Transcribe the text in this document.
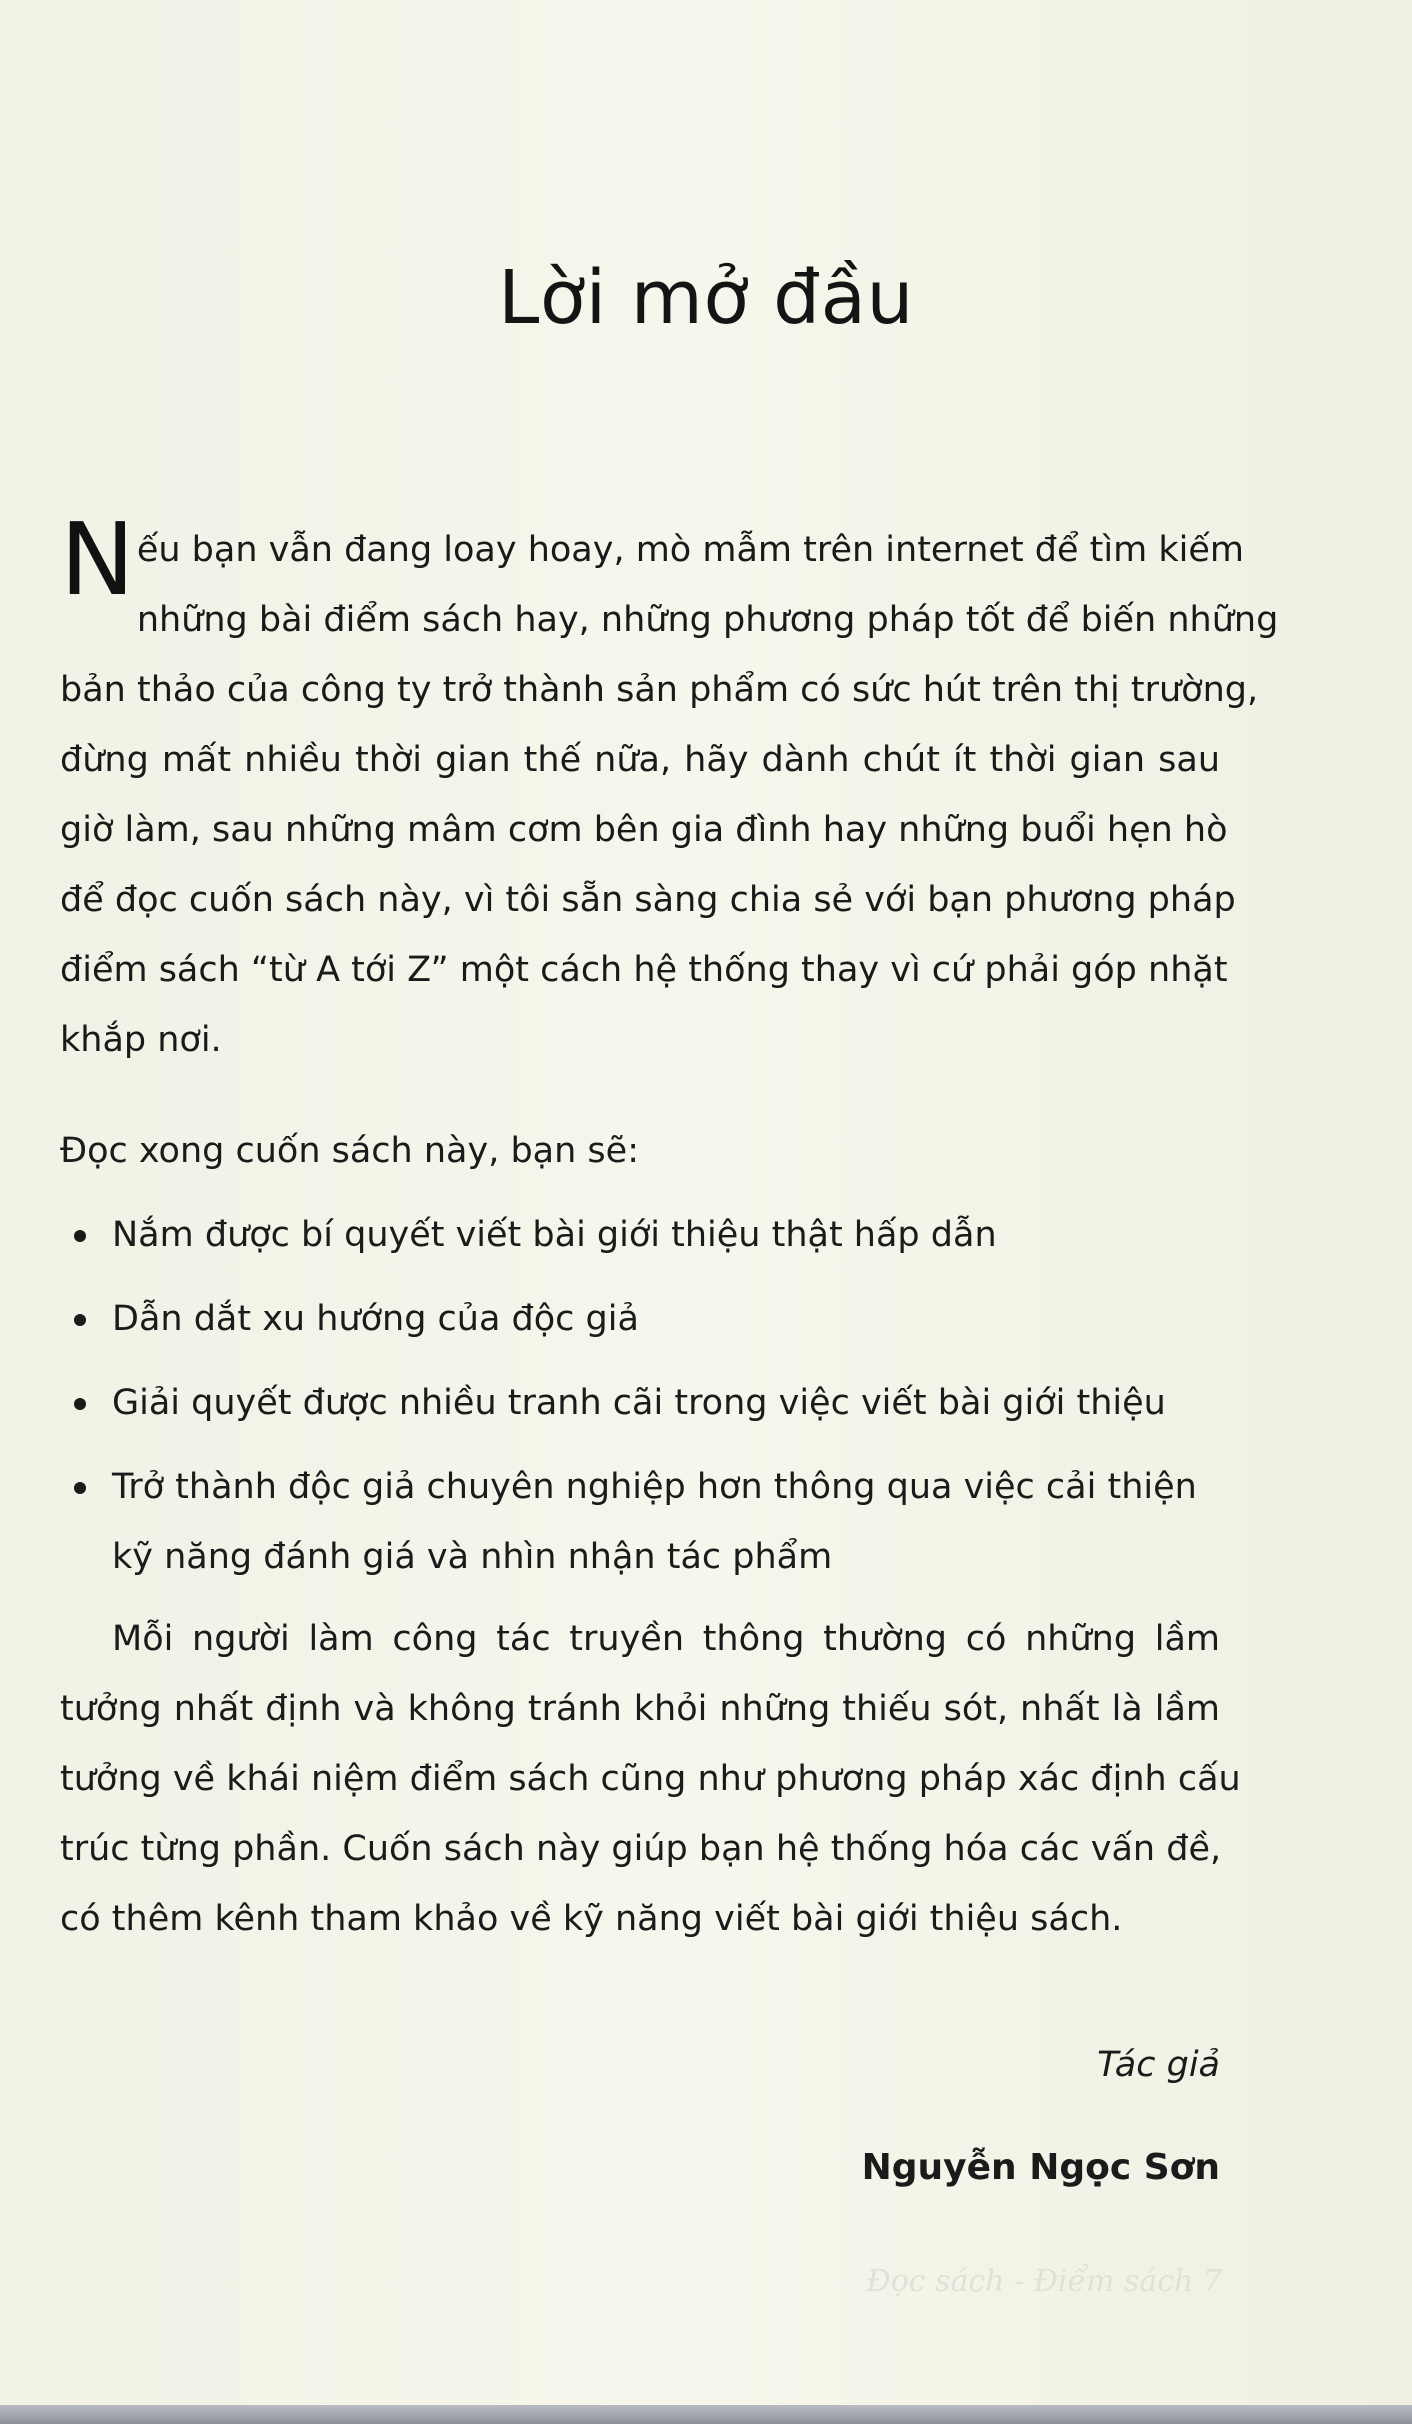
Lời mở đầu
N ếu bạn vẫn đang loay hoay, mò mẫm trên internet để tìm kiếm
những bài điểm sách hay, những phương pháp tốt để biến những
bản thảo của công ty trở thành sản phẩm có sức hút trên thị trường,
đừng mất nhiều thời gian thế nữa, hãy dành chút ít thời gian sau
giờ làm, sau những mâm cơm bên gia đình hay những buổi hẹn hò
để đọc cuốn sách này, vì tôi sẵn sàng chia sẻ với bạn phương pháp
điểm sách “từ A tới Z” một cách hệ thống thay vì cứ phải góp nhặt
khắp nơi.
Đọc xong cuốn sách này, bạn sẽ:
Nắm được bí quyết viết bài giới thiệu thật hấp dẫn
Dẫn dắt xu hướng của độc giả
Giải quyết được nhiều tranh cãi trong việc viết bài giới thiệu
Trở thành độc giả chuyên nghiệp hơn thông qua việc cải thiện kỹ năng đánh giá và nhìn nhận tác phẩm
Mỗi người làm công tác truyền thông thường có những lầm
tưởng nhất định và không tránh khỏi những thiếu sót, nhất là lầm
tưởng về khái niệm điểm sách cũng như phương pháp xác định cấu
trúc từng phần. Cuốn sách này giúp bạn hệ thống hóa các vấn đề,
có thêm kênh tham khảo về kỹ năng viết bài giới thiệu sách.
Tác giả
Nguyễn Ngọc Sơn
Đọc sách - Điểm sách 7
